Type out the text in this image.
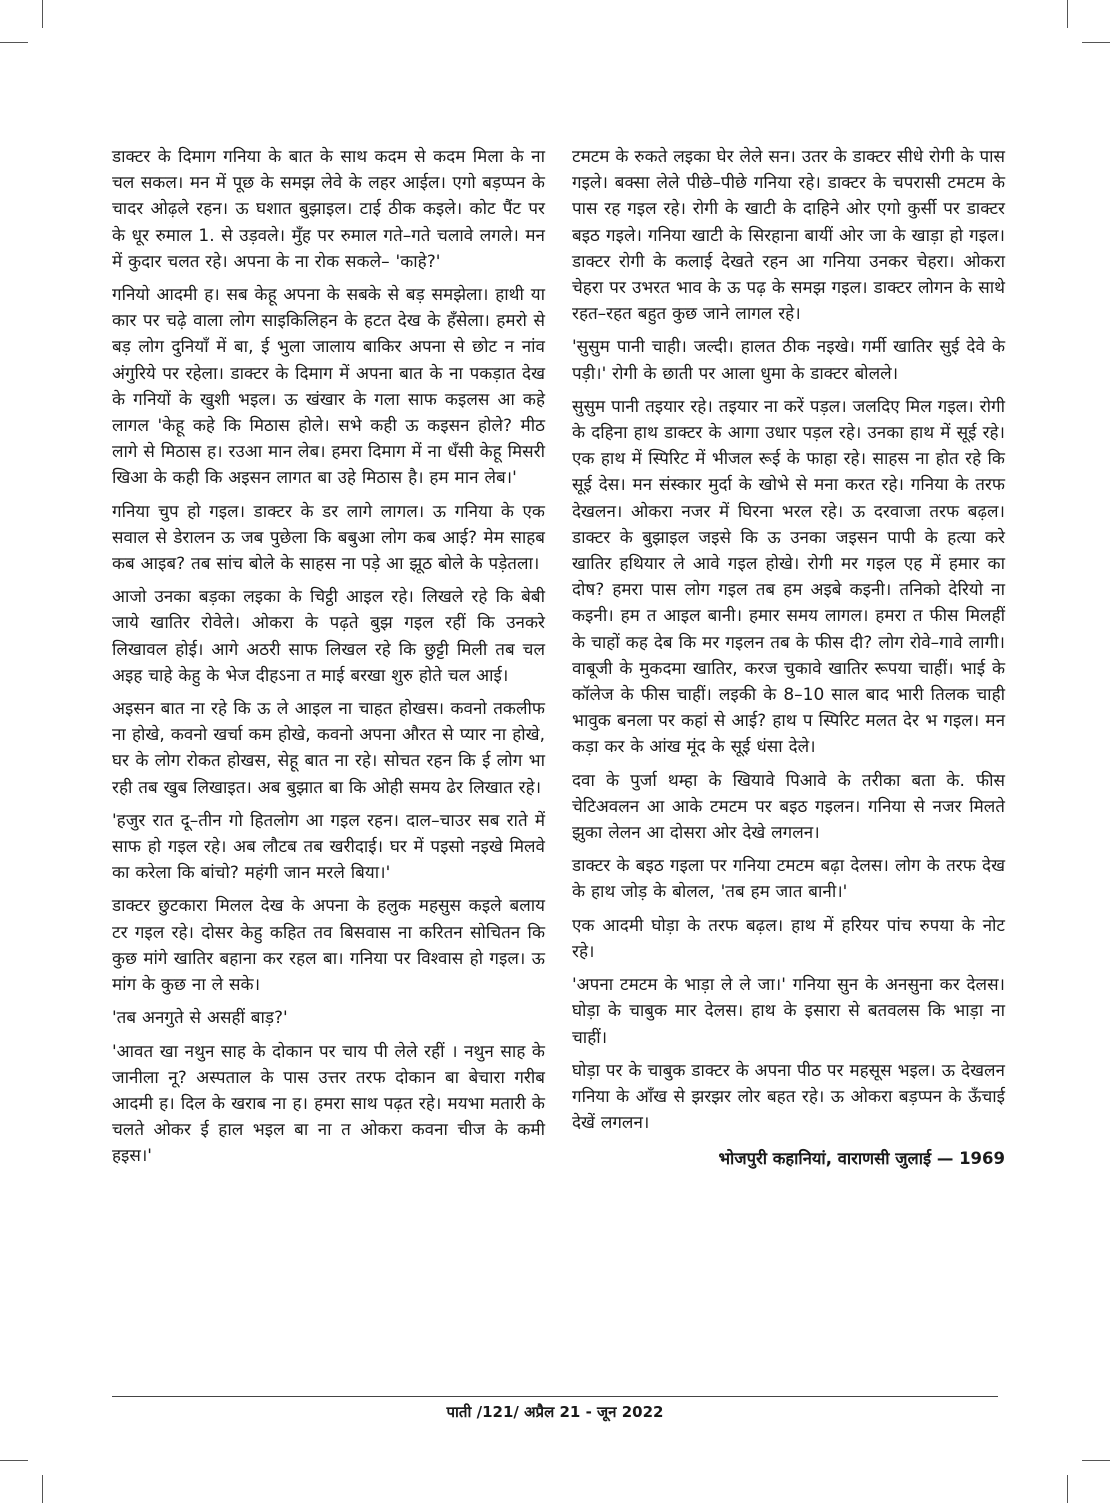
डाक्टर के दिमाग गनिया के बात के साथ कदम से कदम मिला के ना चल सकल। मन में पूछ के समझ लेवे के लहर आईल। एगो बड़प्पन के चादर ओढ़ले रहन। ऊ घशात बुझाइल। टाई ठीक कइले। कोट पैंट पर के धूर रुमाल 1. से उड़वले। मुँह पर रुमाल गते–गते चलावे लगले। मन में कुदार चलत रहे। अपना के ना रोक सकले– 'काहे?'

गनियो आदमी ह। सब केहू अपना के सबके से बड़ समझेला। हाथी या कार पर चढ़े वाला लोग साइकिलिहन के हटत देख के हँसेला। हमरो से बड़ लोग दुनियाँ में बा, ई भुला जालाय बाकिर अपना से छोट न नांव अंगुरिये पर रहेला। डाक्टर के दिमाग में अपना बात के ना पकड़ात देख के गनियों के खुशी भइल। ऊ खंखार के गला साफ कइलस आ कहे लागल 'केहू कहे कि मिठास होले। सभे कही ऊ कइसन होले? मीठ लागे से मिठास ह। रउआ मान लेब। हमरा दिमाग में ना धँसी केहू मिसरी खिआ के कही कि अइसन लागत बा उहे मिठास है। हम मान लेब।'

गनिया चुप हो गइल। डाक्टर के डर लागे लागल। ऊ गनिया के एक सवाल से डेरालन ऊ जब पुछेला कि बबुआ लोग कब आई? मेम साहब कब आइब? तब सांच बोले के साहस ना पड़े आ झूठ बोले के पड़ेतला।

आजो उनका बड़का लइका के चिट्ठी आइल रहे। लिखले रहे कि बेबी जाये खातिर रोवेले। ओकरा के पढ़ते बुझ गइल रहीं कि उनकरे लिखावल होई। आगे अठरी साफ लिखल रहे कि छुट्टी मिली तब चल अइह चाहे केहु के भेज दीहऽना त माई बरखा शुरु होते चल आई।

अइसन बात ना रहे कि ऊ ले आइल ना चाहत होखस। कवनो तकलीफ ना होखे, कवनो खर्चा कम होखे, कवनो अपना औरत से प्यार ना होखे, घर के लोग रोकत होखस, सेहू बात ना रहे। सोचत रहन कि ई लोग भा रही तब खुब लिखाइत। अब बुझात बा कि ओही समय ढेर लिखात रहे।

'हजुर रात दू–तीन गो हितलोग आ गइल रहन। दाल–चाउर सब राते में साफ हो गइल रहे। अब लौटब तब खरीदाई। घर में पइसो नइखे मिलवे का करेला कि बांचो? महंगी जान मरले बिया।'

डाक्टर छुटकारा मिलल देख के अपना के हलुक महसुस कइले बलाय टर गइल रहे। दोसर केहु कहित तव बिसवास ना करितन सोचितन कि कुछ मांगे खातिर बहाना कर रहल बा। गनिया पर विश्वास हो गइल। ऊ मांग के कुछ ना ले सके।

'तब अनगुते से असहीं बाड़?'

'आवत खा नथुन साह के दोकान पर चाय पी लेले रहीं । नथुन साह के जानीला नू? अस्पताल के पास उत्तर तरफ दोकान बा बेचारा गरीब आदमी ह। दिल के खराब ना ह। हमरा साथ पढ़त रहे। मयभा मतारी के चलते ओकर ई हाल भइल बा ना त ओकरा कवना चीज के कमी हइस।'

टमटम के रुकते लइका घेर लेले सन। उतर के डाक्टर सीधे रोगी के पास गइले। बक्सा लेले पीछे–पीछे गनिया रहे। डाक्टर के चपरासी टमटम के पास रह गइल रहे। रोगी के खाटी के दाहिने ओर एगो कुर्सी पर डाक्टर बइठ गइले। गनिया खाटी के सिरहाना बायीं ओर जा के खाड़ा हो गइल। डाक्टर रोगी के कलाई देखते रहन आ गनिया उनकर चेहरा। ओकरा चेहरा पर उभरत भाव के ऊ पढ़ के समझ गइल। डाक्टर लोगन के साथे रहत–रहत बहुत कुछ जाने लागल रहे।

'सुसुम पानी चाही। जल्दी। हालत ठीक नइखे। गर्मी खातिर सुई देवे के पड़ी।' रोगी के छाती पर आला धुमा के डाक्टर बोलले।

सुसुम पानी तइयार रहे। तइयार ना करें पड़ल। जलदिए मिल गइल। रोगी के दहिना हाथ डाक्टर के आगा उधार पड़ल रहे। उनका हाथ में सूई रहे। एक हाथ में स्पिरिट में भीजल रूई के फाहा रहे। साहस ना होत रहे कि सूई देस। मन संस्कार मुर्दा के खोभे से मना करत रहे। गनिया के तरफ देखलन। ओकरा नजर में घिरना भरल रहे। ऊ दरवाजा तरफ बढ़ल। डाक्टर के बुझाइल जइसे कि ऊ उनका जइसन पापी के हत्या करे खातिर हथियार ले आवे गइल होखे। रोगी मर गइल एह में हमार का दोष? हमरा पास लोग गइल तब हम अइबे कइनी। तनिको देरियो ना कइनी। हम त आइल बानी। हमार समय लागल। हमरा त फीस मिलहीं के चाहों कह देब कि मर गइलन तब के फीस दी? लोग रोवे–गावे लागी। वाबूजी के मुकदमा खातिर, करज चुकावे खातिर रूपया चाहीं। भाई के कॉलेज के फीस चाहीं। लइकी के 8–10 साल बाद भारी तिलक चाही भावुक बनला पर कहां से आई? हाथ प स्पिरिट मलत देर भ गइल। मन कड़ा कर के आंख मूंद के सूई धंसा देले।

दवा के पुर्जा थम्हा के खियावे पिआवे के तरीका बता के. फीस चेटिअवलन आ आके टमटम पर बइठ गइलन। गनिया से नजर मिलते झुका लेलन आ दोसरा ओर देखे लगलन।

डाक्टर के बइठ गइला पर गनिया टमटम बढ़ा देलस। लोग के तरफ देख के हाथ जोड़ के बोलल, 'तब हम जात बानी।'

एक आदमी घोड़ा के तरफ बढ़ल। हाथ में हरियर पांच रुपया के नोट रहे।

'अपना टमटम के भाड़ा ले ले जा।' गनिया सुन के अनसुना कर देलस। घोड़ा के चाबुक मार देलस। हाथ के इसारा से बतवलस कि भाड़ा ना चाहीं।

घोड़ा पर के चाबुक डाक्टर के अपना पीठ पर महसूस भइल। ऊ देखलन गनिया के आँख से झरझर लोर बहत रहे। ऊ ओकरा बड़प्पन के ऊँचाई देखें लगलन।

भोजपुरी कहानियां, वाराणसी जुलाई — 1969

पाती /121/ अप्रैल 21 - जून 2022
